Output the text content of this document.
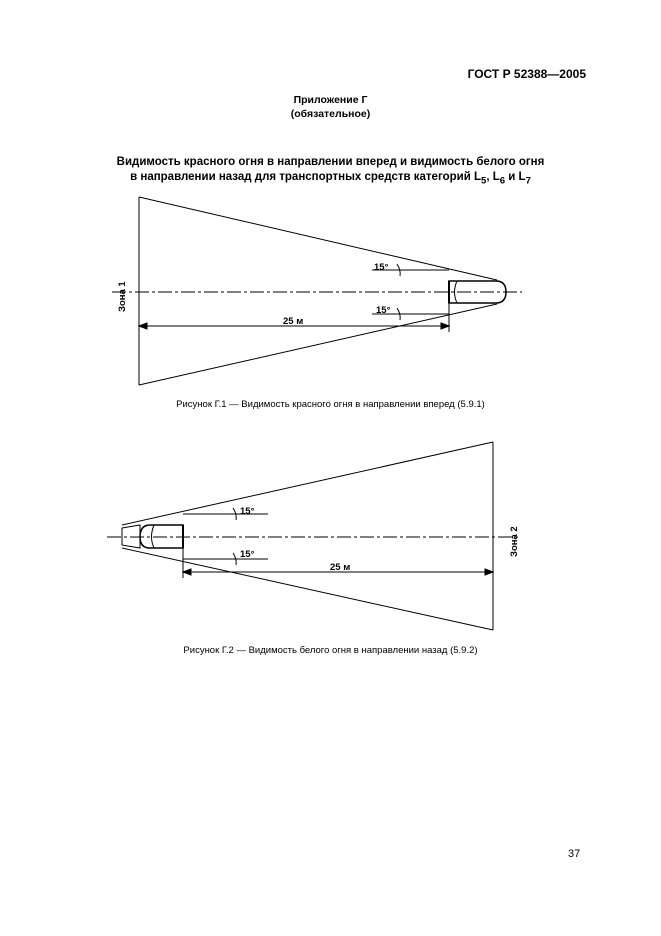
ГОСТ Р 52388—2005
Приложение Г
(обязательное)
Видимость красного огня в направлении вперед и видимость белого огня
в направлении назад для транспортных средств категорий $L_5$, $L_6$ и $L_7$
15°
15°
25 м
Зона 1
Рисунок Г.1 — Видимость красного огня в направлении вперед (5.9.1)
15°
15°
25 м
Зона 2
Рисунок Г.2 — Видимость белого огня в направлении назад (5.9.2)
37
